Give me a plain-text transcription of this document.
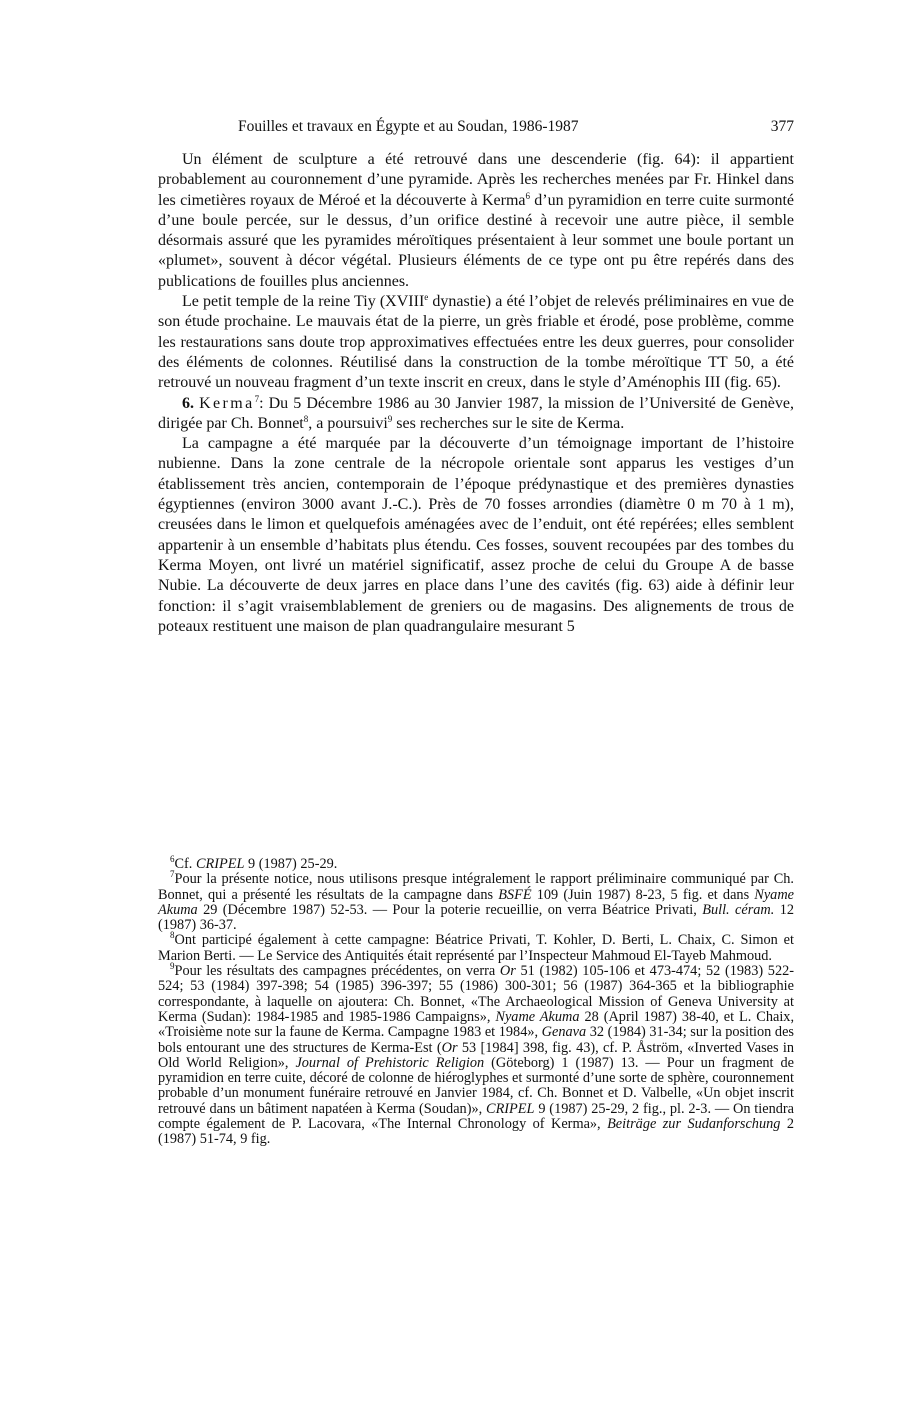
Fouilles et travaux en Égypte et au Soudan, 1986-1987	377

Un élément de sculpture a été retrouvé dans une descenderie (fig. 64): il appartient probablement au couronnement d’une pyramide. Après les recherches menées par Fr. Hinkel dans les cimetières royaux de Méroé et la découverte à Kerma$^6$ d’un pyramidion en terre cuite surmonté d’une boule percée, sur le dessus, d’un orifice destiné à recevoir une autre pièce, il semble désormais assuré que les pyramides méroïtiques présentaient à leur sommet une boule portant un «plumet», souvent à décor végétal. Plusieurs éléments de ce type ont pu être repérés dans des publications de fouilles plus anciennes.

Le petit temple de la reine Tiy (XVIIIe dynastie) a été l’objet de relevés préliminaires en vue de son étude prochaine. Le mauvais état de la pierre, un grès friable et érodé, pose problème, comme les restaurations sans doute trop approximatives effectuées entre les deux guerres, pour consolider des éléments de colonnes. Réutilisé dans la construction de la tombe méroïtique TT 50, a été retrouvé un nouveau fragment d’un texte inscrit en creux, dans le style d’Aménophis III (fig. 65).

6. Kerma$^7$: Du 5 Décembre 1986 au 30 Janvier 1987, la mission de l’Université de Genève, dirigée par Ch. Bonnet$^8$, a poursuivi$^9$ ses recherches sur le site de Kerma.

La campagne a été marquée par la découverte d’un témoignage important de l’histoire nubienne. Dans la zone centrale de la nécropole orientale sont apparus les vestiges d’un établissement très ancien, contemporain de l’époque prédynastique et des premières dynasties égyptiennes (environ 3000 avant J.-C.). Près de 70 fosses arrondies (diamètre 0 m 70 à 1 m), creusées dans le limon et quelquefois aménagées avec de l’enduit, ont été repérées; elles semblent appartenir à un ensemble d’habitats plus étendu. Ces fosses, souvent recoupées par des tombes du Kerma Moyen, ont livré un matériel significatif, assez proche de celui du Groupe A de basse Nubie. La découverte de deux jarres en place dans l’une des cavités (fig. 63) aide à définir leur fonction: il s’agit vraisemblablement de greniers ou de magasins. Des alignements de trous de poteaux restituent une maison de plan quadrangulaire mesurant 5

$^6$Cf. CRIPEL 9 (1987) 25-29.

$^7$Pour la présente notice, nous utilisons presque intégralement le rapport préliminaire communiqué par Ch. Bonnet, qui a présenté les résultats de la campagne dans BSFÉ 109 (Juin 1987) 8-23, 5 fig. et dans Nyame Akuma 29 (Décembre 1987) 52-53. — Pour la poterie recueillie, on verra Béatrice Privati, Bull. céram. 12 (1987) 36-37.

$^8$Ont participé également à cette campagne: Béatrice Privati, T. Kohler, D. Berti, L. Chaix, C. Simon et Marion Berti. — Le Service des Antiquités était représenté par l’Inspecteur Mahmoud El-Tayeb Mahmoud.

$^9$Pour les résultats des campagnes précédentes, on verra Or 51 (1982) 105-106 et 473-474; 52 (1983) 522-524; 53 (1984) 397-398; 54 (1985) 396-397; 55 (1986) 300-301; 56 (1987) 364-365 et la bibliographie correspondante, à laquelle on ajoutera: Ch. Bonnet, «The Archaeological Mission of Geneva University at Kerma (Sudan): 1984-1985 and 1985-1986 Campaigns», Nyame Akuma 28 (April 1987) 38-40, et L. Chaix, «Troisième note sur la faune de Kerma. Campagne 1983 et 1984», Genava 32 (1984) 31-34; sur la position des bols entourant une des structures de Kerma-Est (Or 53 [1984] 398, fig. 43), cf. P. Åström, «Inverted Vases in Old World Religion», Journal of Prehistoric Religion (Göteborg) 1 (1987) 13. — Pour un fragment de pyramidion en terre cuite, décoré de colonne de hiéroglyphes et surmonté d’une sorte de sphère, couronnement probable d’un monument funéraire retrouvé en Janvier 1984, cf. Ch. Bonnet et D. Valbelle, «Un objet inscrit retrouvé dans un bâtiment napatéen à Kerma (Soudan)», CRIPEL 9 (1987) 25-29, 2 fig., pl. 2-3. — On tiendra compte également de P. Lacovara, «The Internal Chronology of Kerma», Beiträge zur Sudanforschung 2 (1987) 51-74, 9 fig.
